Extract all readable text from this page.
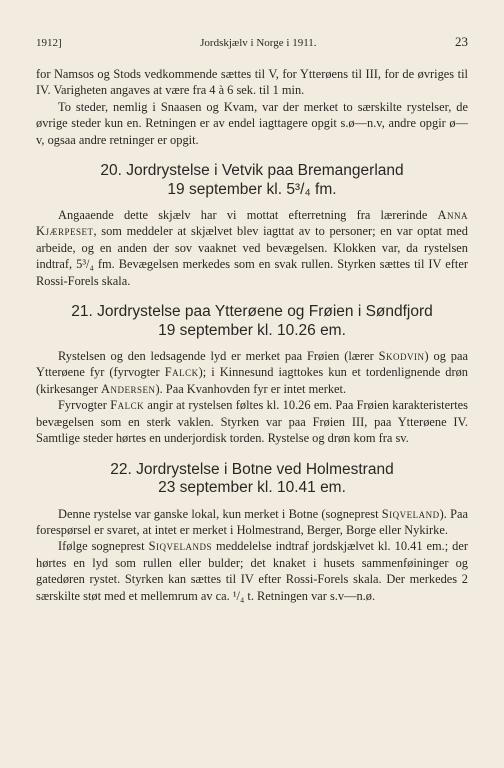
1912]	Jordskjælv i Norge i 1911.	23

for Namsos og Stods vedkommende sættes til V, for Ytterøens til III, for de øvriges til IV. Varigheten angaves at være fra 4 à 6 sek. til 1 min.

To steder, nemlig i Snaasen og Kvam, var der merket to særskilte rystelser, de øvrige steder kun en. Retningen er av endel iagttagere opgit s.ø—n.v, andre opgir ø—v, ogsaa andre retninger er opgit.

20. Jordrystelse i Vetvik paa Bremangerland
19 september kl. 5³/₄ fm.

Angaaende dette skjælv har vi mottat efterretning fra lærerinde Anna Kjærpeset, som meddeler at skjælvet blev iagttat av to personer; en var optat med arbeide, og en anden der sov vaaknet ved bevægelsen. Klokken var, da rystelsen indtraf, 5³/₄ fm. Bevægelsen merkedes som en svak rullen. Styrken sættes til IV efter Rossi-Forels skala.

21. Jordrystelse paa Ytterøene og Frøien i Søndfjord
19 september kl. 10.26 em.

Rystelsen og den ledsagende lyd er merket paa Frøien (lærer Skodvin) og paa Ytterøene fyr (fyrvogter Falck); i Kinnesund iagttokes kun et tordenlignende drøn (kirkesanger Andersen). Paa Kvanhovden fyr er intet merket.

Fyrvogter Falck angir at rystelsen føltes kl. 10.26 em. Paa Frøien karakteristertes bevægelsen som en sterk vaklen. Styrken var paa Frøien III, paa Ytterøene IV. Samtlige steder hørtes en underjordisk torden. Rystelse og drøn kom fra sv.

22. Jordrystelse i Botne ved Holmestrand
23 september kl. 10.41 em.

Denne rystelse var ganske lokal, kun merket i Botne (sogneprest Siqveland). Paa forespørsel er svaret, at intet er merket i Holmestrand, Berger, Borge eller Nykirke.

Ifølge sogneprest Siqvelands meddelelse indtraf jordskjælvet kl. 10.41 em.; der hørtes en lyd som rullen eller bulder; det knaket i husets sammenføininger og gatedøren rystet. Styrken kan sættes til IV efter Rossi-Forels skala. Der merkedes 2 særskilte støt med et mellemrum av ca. ¹/₄ t. Retningen var s.v—n.ø.
